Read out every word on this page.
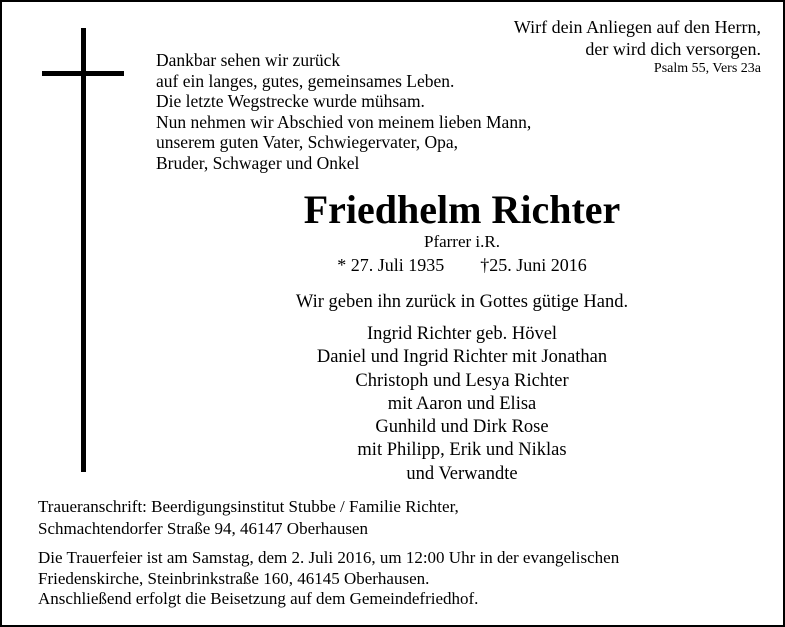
Wirf dein Anliegen auf den Herrn,
der wird dich versorgen.
Psalm 55, Vers 23a
Dankbar sehen wir zurück
auf ein langes, gutes, gemeinsames Leben.
Die letzte Wegstrecke wurde mühsam.
Nun nehmen wir Abschied von meinem lieben Mann,
unserem guten Vater, Schwiegervater, Opa,
Bruder, Schwager und Onkel
Friedhelm Richter
Pfarrer i.R.
* 27. Juli 1935 †25. Juni 2016
Wir geben ihn zurück in Gottes gütige Hand.
Ingrid Richter geb. Hövel
Daniel und Ingrid Richter mit Jonathan
Christoph und Lesya Richter
mit Aaron und Elisa
Gunhild und Dirk Rose
mit Philipp, Erik und Niklas
und Verwandte
Traueranschrift: Beerdigungsinstitut Stubbe / Familie Richter,
Schmachtendorfer Straße 94, 46147 Oberhausen
Die Trauerfeier ist am Samstag, dem 2. Juli 2016, um 12:00 Uhr in der evangelischen
Friedenskirche, Steinbrinkstraße 160, 46145 Oberhausen.
Anschließend erfolgt die Beisetzung auf dem Gemeindefriedhof.
